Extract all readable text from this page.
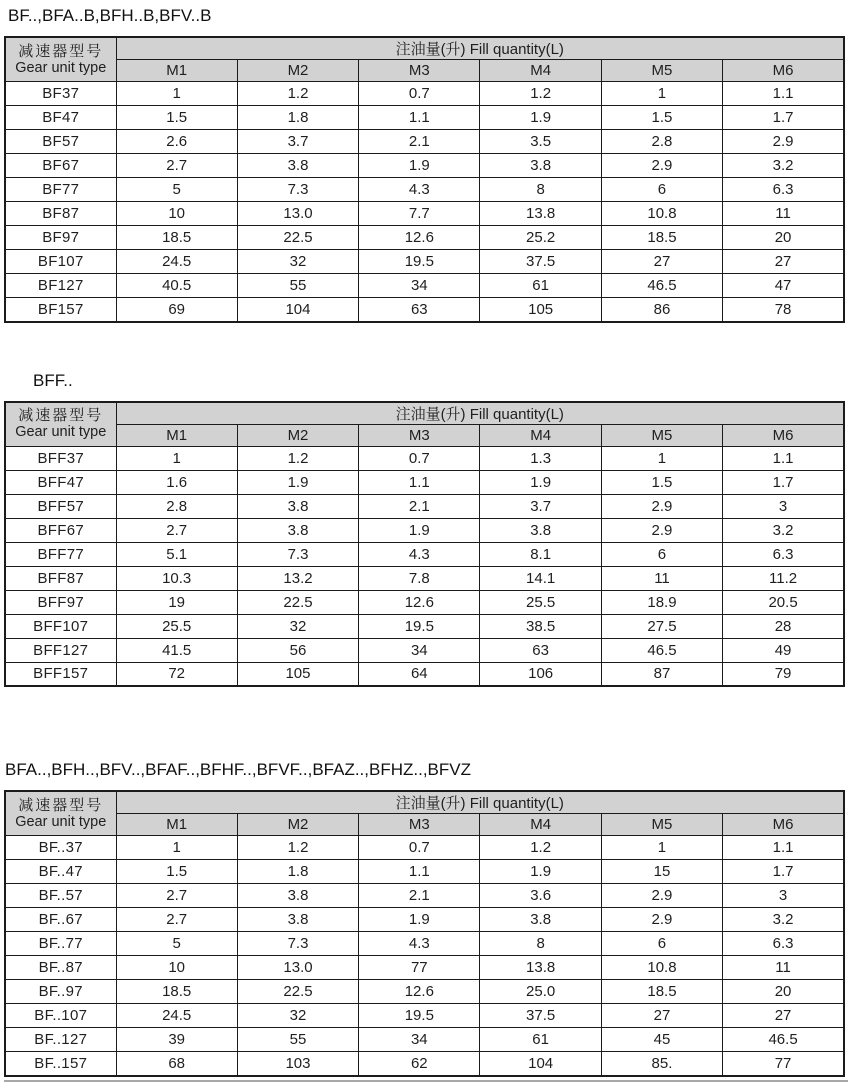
BF..,BFA..B,BFH..B,BFV..B
减速器型号
Gear unit type	注油量(升) Fill quantity(L)					
	M1	M2	M3	M4	M5	M6
BF37	1	1.2	0.7	1.2	1	1.1
BF47	1.5	1.8	1.1	1.9	1.5	1.7
BF57	2.6	3.7	2.1	3.5	2.8	2.9
BF67	2.7	3.8	1.9	3.8	2.9	3.2
BF77	5	7.3	4.3	8	6	6.3
BF87	10	13.0	7.7	13.8	10.8	11
BF97	18.5	22.5	12.6	25.2	18.5	20
BF107	24.5	32	19.5	37.5	27	27
BF127	40.5	55	34	61	46.5	47
BF157	69	104	63	105	86	78
BFF..
减速器型号
Gear unit type	注油量(升) Fill quantity(L)					
	M1	M2	M3	M4	M5	M6
BFF37	1	1.2	0.7	1.3	1	1.1
BFF47	1.6	1.9	1.1	1.9	1.5	1.7
BFF57	2.8	3.8	2.1	3.7	2.9	3
BFF67	2.7	3.8	1.9	3.8	2.9	3.2
BFF77	5.1	7.3	4.3	8.1	6	6.3
BFF87	10.3	13.2	7.8	14.1	11	11.2
BFF97	19	22.5	12.6	25.5	18.9	20.5
BFF107	25.5	32	19.5	38.5	27.5	28
BFF127	41.5	56	34	63	46.5	49
BFF157	72	105	64	106	87	79
BFA..,BFH..,BFV..,BFAF..,BFHF..,BFVF..,BFAZ..,BFHZ..,BFVZ
减速器型号
Gear unit type	注油量(升) Fill quantity(L)					
	M1	M2	M3	M4	M5	M6
BF..37	1	1.2	0.7	1.2	1	1.1
BF..47	1.5	1.8	1.1	1.9	15	1.7
BF..57	2.7	3.8	2.1	3.6	2.9	3
BF..67	2.7	3.8	1.9	3.8	2.9	3.2
BF..77	5	7.3	4.3	8	6	6.3
BF..87	10	13.0	77	13.8	10.8	11
BF..97	18.5	22.5	12.6	25.0	18.5	20
BF..107	24.5	32	19.5	37.5	27	27
BF..127	39	55	34	61	45	46.5
BF..157	68	103	62	104	85.	77
